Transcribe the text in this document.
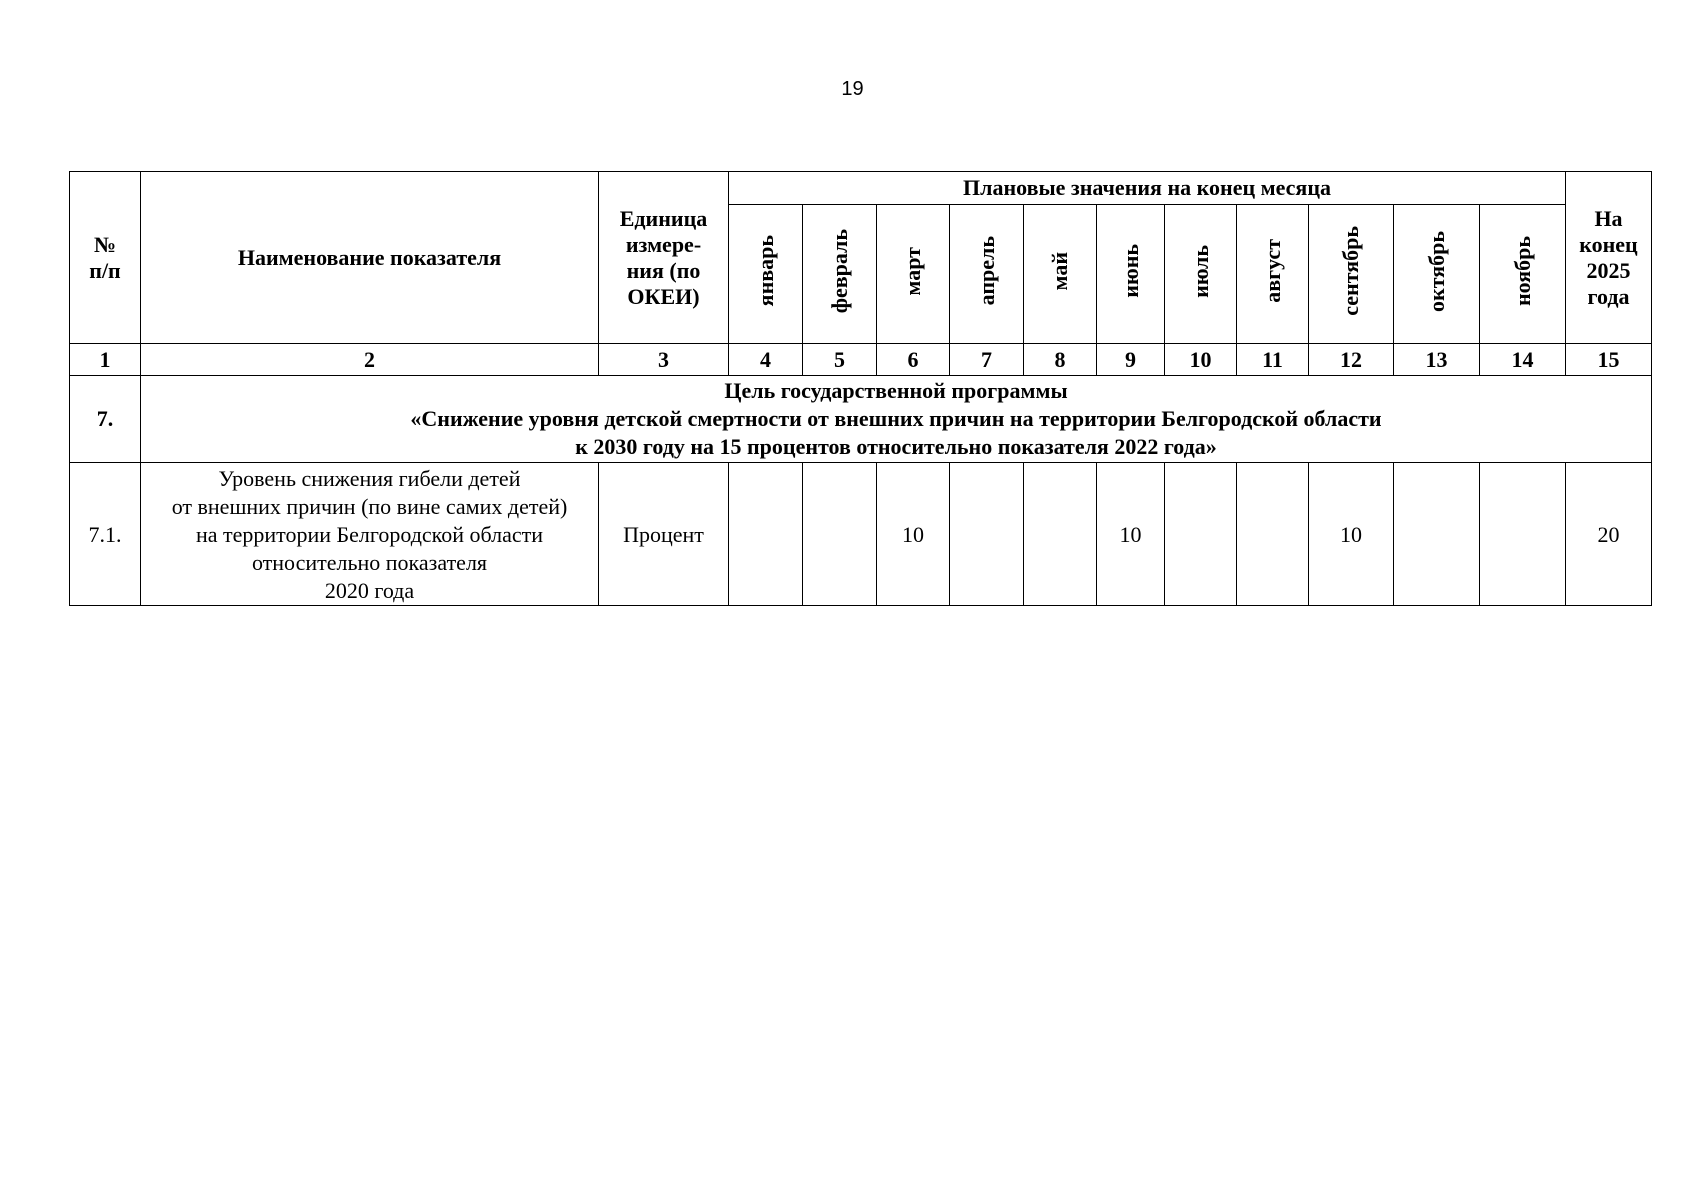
19
№
п/п	Наименование показателя	Единица
измере-
ния (по
ОКЕИ)	Плановые значения на конец месяца											На
конец
2025
года

			январь	февраль	март	апрель	май	июнь	июль	август	сентябрь	октябрь	ноябрь	
1	2	3	4	5	6	7	8	9	10	11	12	13	14	15
7.	Цель государственной программы
«Снижение уровня детской смертности от внешних причин на территории Белгородской области
к 2030 году на 15 процентов относительно показателя 2022 года»													

7.1.	Уровень снижения гибели детей
от внешних причин (по вине самих детей)
на территории Белгородской области
относительно показателя
2020 года	Процент			10			10			10			20
